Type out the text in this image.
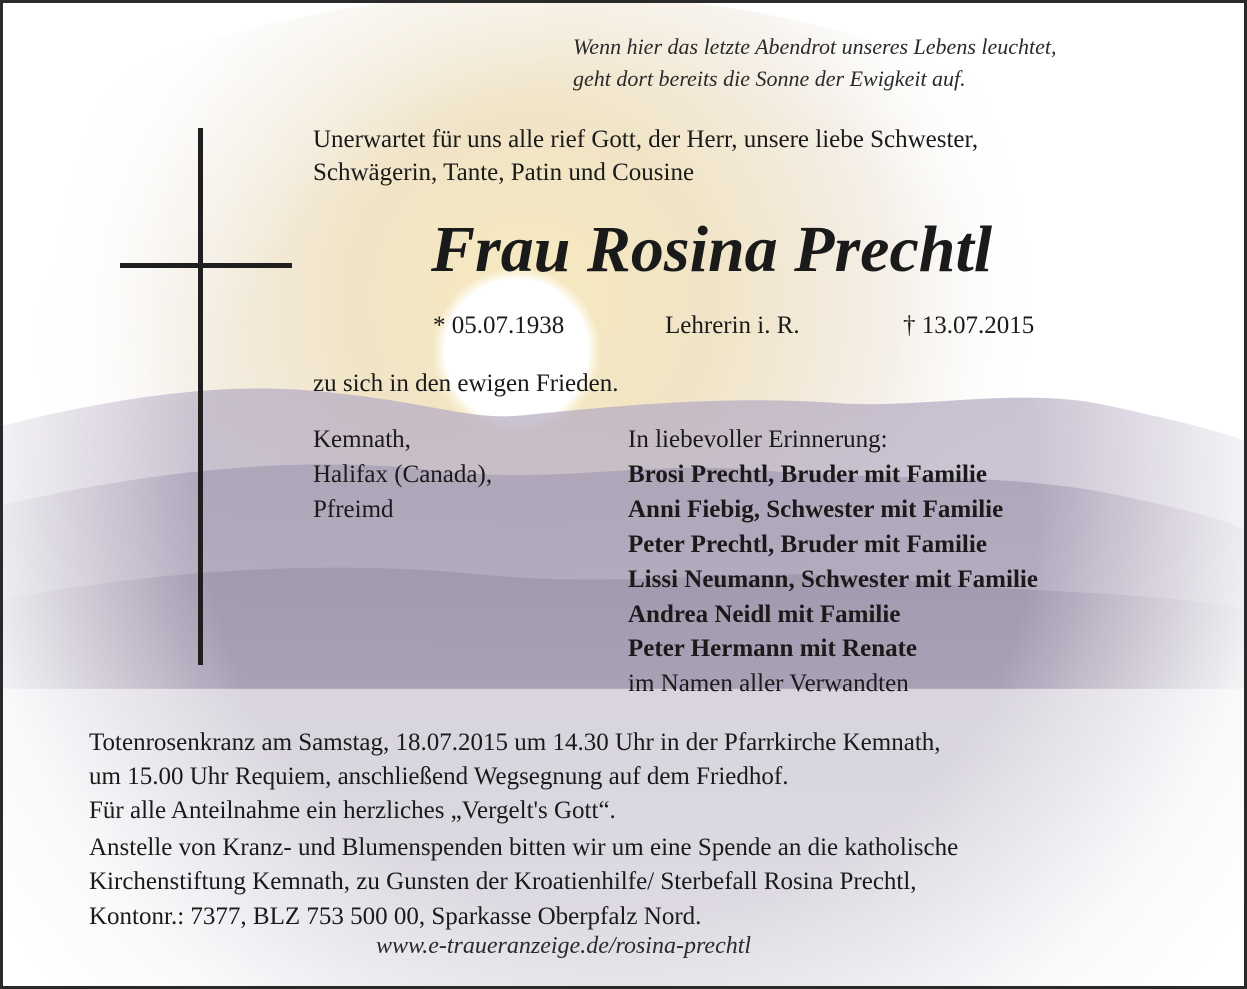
Wenn hier das letzte Abendrot unseres Lebens leuchtet,

geht dort bereits die Sonne der Ewigkeit auf.

Unerwartet für uns alle rief Gott, der Herr, unsere liebe Schwester,

Schwägerin, Tante, Patin und Cousine

Frau Rosina Prechtl

* 05.07.1938	Lehrerin i. R.	† 13.07.2015

zu sich in den ewigen Frieden.

Kemnath,

Halifax (Canada),

Pfreimd

In liebevoller Erinnerung:

Brosi Prechtl, Bruder mit Familie

Anni Fiebig, Schwester mit Familie

Peter Prechtl, Bruder mit Familie

Lissi Neumann, Schwester mit Familie

Andrea Neidl mit Familie

Peter Hermann mit Renate

im Namen aller Verwandten

Totenrosenkranz am Samstag, 18.07.2015 um 14.30 Uhr in der Pfarrkirche Kemnath,

um 15.00 Uhr Requiem, anschließend Wegsegnung auf dem Friedhof.

Für alle Anteilnahme ein herzliches „Vergelt's Gott“.

Anstelle von Kranz- und Blumenspenden bitten wir um eine Spende an die katholische

Kirchenstiftung Kemnath, zu Gunsten der Kroatienhilfe/ Sterbefall Rosina Prechtl,

Kontonr.: 7377, BLZ 753 500 00, Sparkasse Oberpfalz Nord.

www.e-traueranzeige.de/rosina-prechtl
